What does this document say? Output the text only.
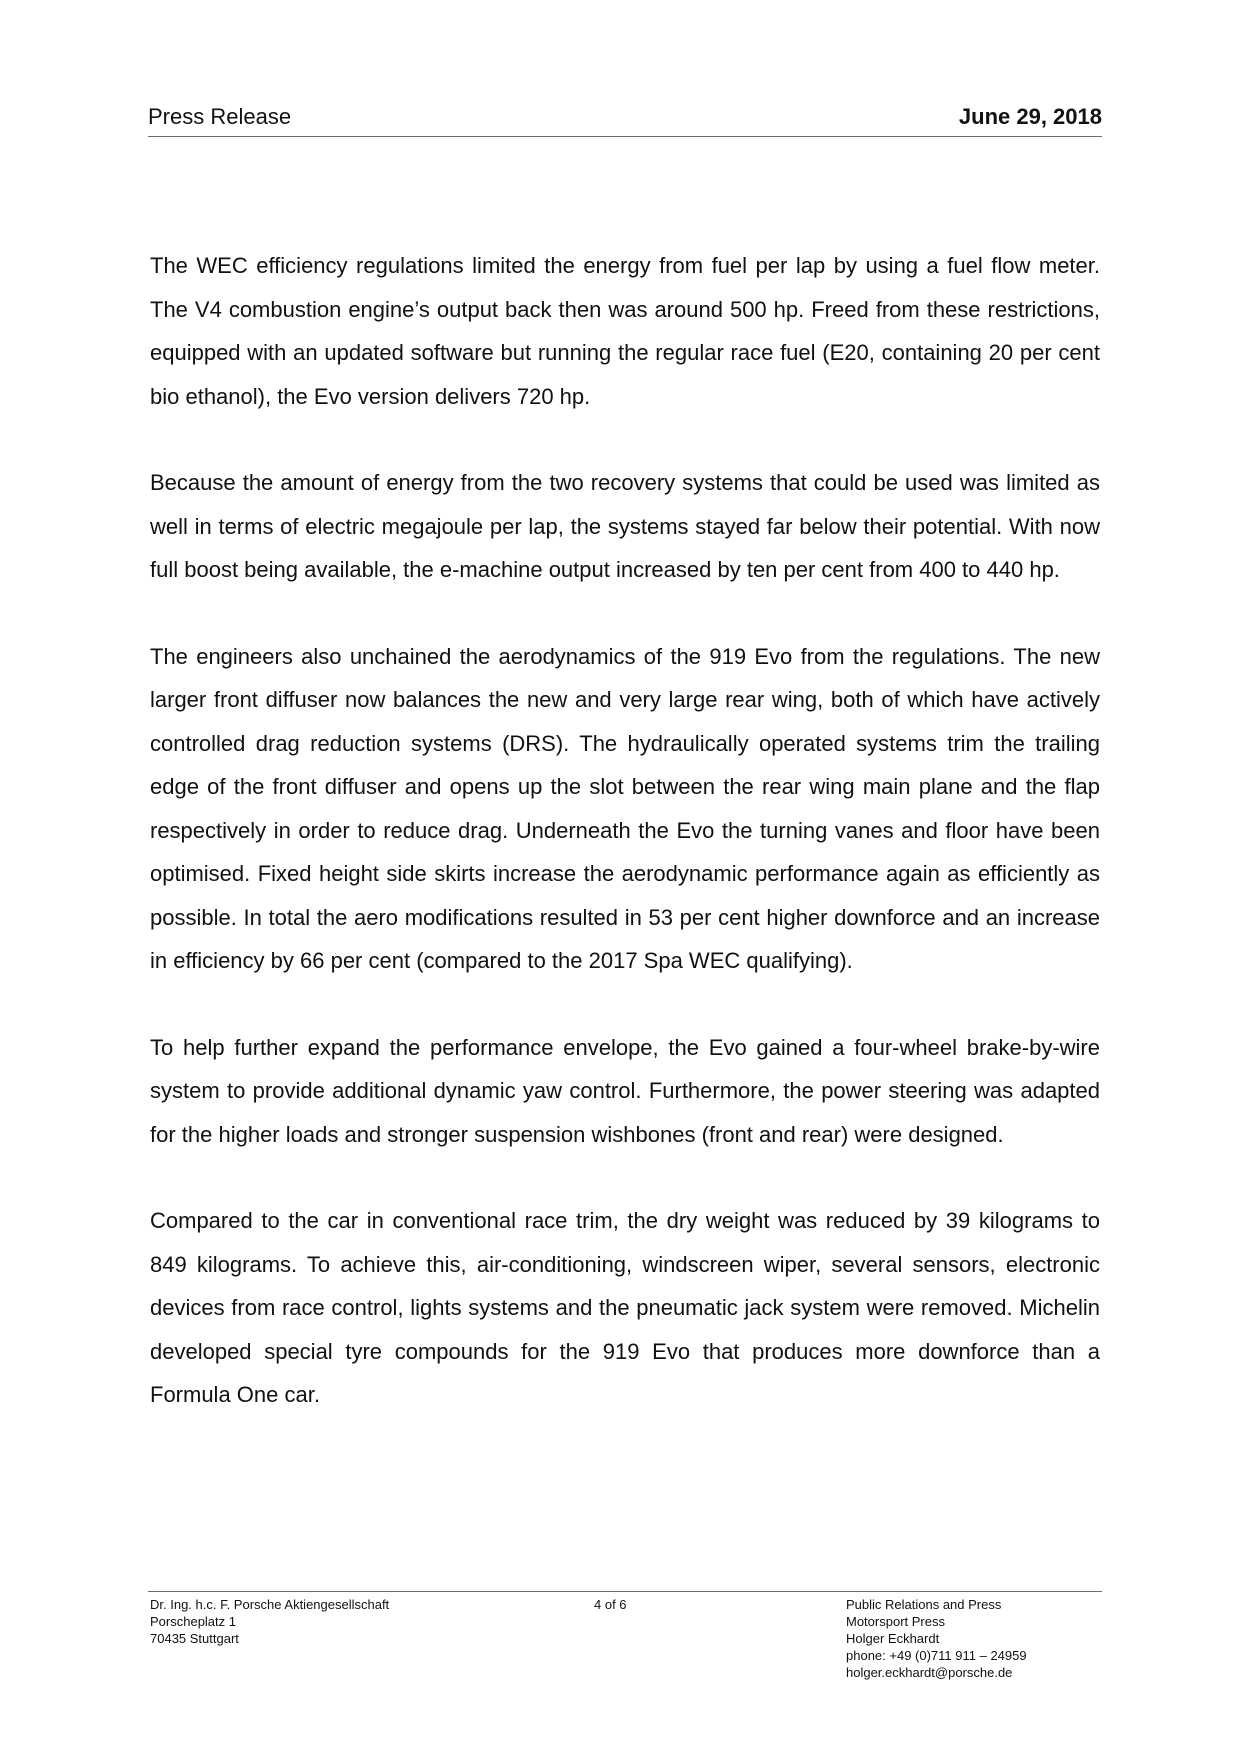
Press Release	June 29, 2018

The WEC efficiency regulations limited the energy from fuel per lap by using a fuel flow meter. The V4 combustion engine’s output back then was around 500 hp. Freed from these restrictions, equipped with an updated software but running the regular race fuel (E20, containing 20 per cent bio ethanol), the Evo version delivers 720 hp.

Because the amount of energy from the two recovery systems that could be used was limited as well in terms of electric megajoule per lap, the systems stayed far below their potential. With now full boost being available, the e-machine output increased by ten per cent from 400 to 440 hp.

The engineers also unchained the aerodynamics of the 919 Evo from the regulations. The new larger front diffuser now balances the new and very large rear wing, both of which have actively controlled drag reduction systems (DRS). The hydraulically operated systems trim the trailing edge of the front diffuser and opens up the slot between the rear wing main plane and the flap respectively in order to reduce drag. Underneath the Evo the turning vanes and floor have been optimised. Fixed height side skirts increase the aerodynamic performance again as efficiently as possible. In total the aero modifications resulted in 53 per cent higher downforce and an increase in efficiency by 66 per cent (compared to the 2017 Spa WEC qualifying).

To help further expand the performance envelope, the Evo gained a four-wheel brake-by-wire system to provide additional dynamic yaw control. Furthermore, the power steering was adapted for the higher loads and stronger suspension wishbones (front and rear) were designed.

Compared to the car in conventional race trim, the dry weight was reduced by 39 kilograms to 849 kilograms. To achieve this, air-conditioning, windscreen wiper, several sensors, electronic devices from race control, lights systems and the pneumatic jack system were removed. Michelin developed special tyre compounds for the 919 Evo that produces more downforce than a Formula One car.

Dr. Ing. h.c. F. Porsche Aktiengesellschaft
Porscheplatz 1
70435 Stuttgart
4 of 6	Public Relations and Press
Motorsport Press
Holger Eckhardt
phone: +49 (0)711 911 – 24959
holger.eckhardt@porsche.de
